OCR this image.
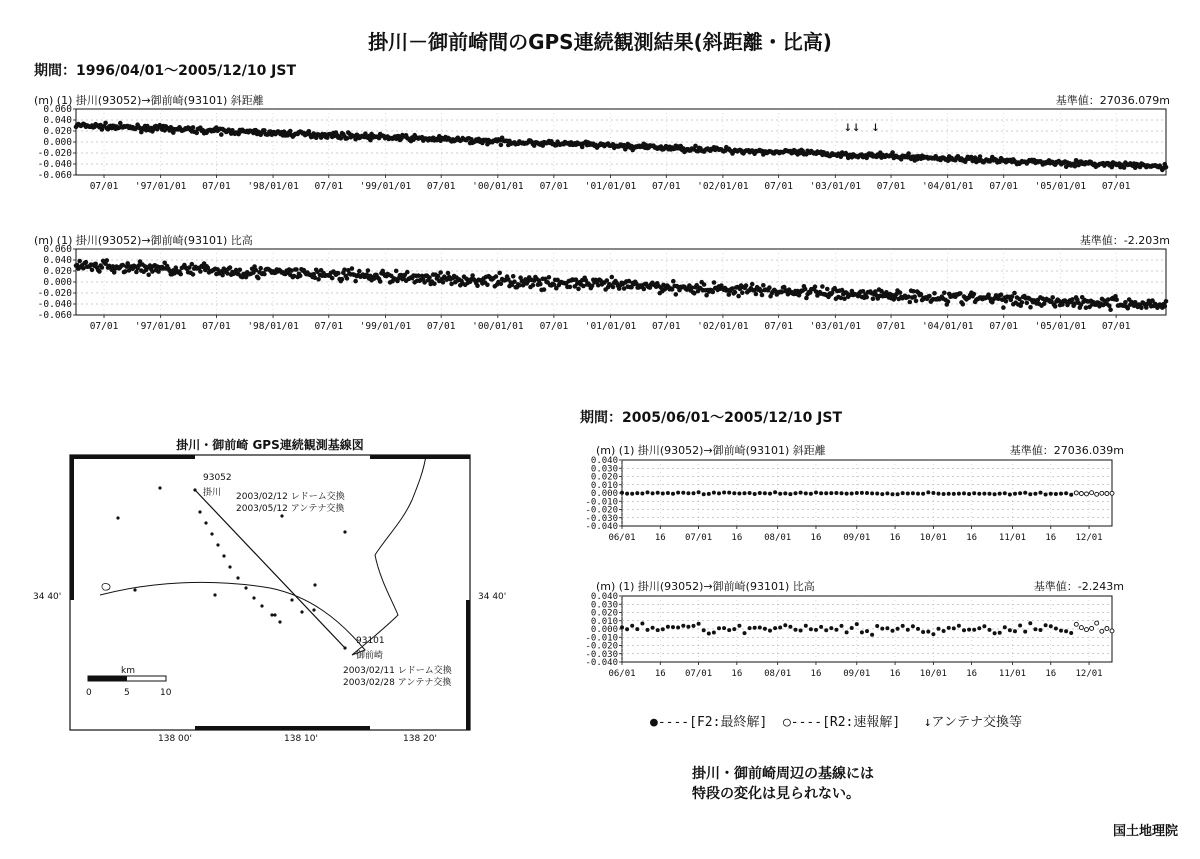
掛川－御前崎間のGPS連続観測結果(斜距離・比高)
期間：1996/04/01～2005/12/10 JST
(m) (1) 掛川(93052)→御前崎(93101) 斜距離	基準値：27036.079m
0.060
0.040
0.020
0.000
-0.020
-0.040
-0.060
07/01 '97/01/01 07/01 '98/01/01 07/01 '99/01/01 07/01 '00/01/01 07/01 '01/01/01 07/01 '02/01/01 07/01 '03/01/01 07/01 '04/01/01 07/01 '05/01/01 07/01
↓ ↓ ↓
(m) (1) 掛川(93052)→御前崎(93101) 比高	基準値：-2.203m
0.060
0.040
0.020
0.000
-0.020
-0.040
-0.060
07/01 '97/01/01 07/01 '98/01/01 07/01 '99/01/01 07/01 '00/01/01 07/01 '01/01/01 07/01 '02/01/01 07/01 '03/01/01 07/01 '04/01/01 07/01 '05/01/01 07/01
掛川・御前崎 GPS連続観測基線図
93052
掛川 2003/02/12 レドーム交換
2003/05/12 アンテナ交換
93101
御前崎
2003/02/11 レドーム交換
2003/02/28 アンテナ交換
34 40'	34 40'
138 00'	138 10'	138 20'
km
0	5	10
期間：2005/06/01～2005/12/10 JST
(m) (1) 掛川(93052)→御前崎(93101) 斜距離	基準値：27036.039m
0.040
0.030
0.020
0.010
0.000
-0.010
-0.020
-0.030
-0.040
06/01 16 07/01 16 08/01 16 09/01 16 10/01 16 11/01 16 12/01
(m) (1) 掛川(93052)→御前崎(93101) 比高	基準値：-2.243m
0.040
0.030
0.020
0.010
0.000
-0.010
-0.020
-0.030
-0.040
06/01 16 07/01 16 08/01 16 09/01 16 10/01 16 11/01 16 12/01
●----[F2:最終解] ○----[R2:速報解] ↓アンテナ交換等
掛川・御前崎周辺の基線には
特段の変化は見られない。
国土地理院
